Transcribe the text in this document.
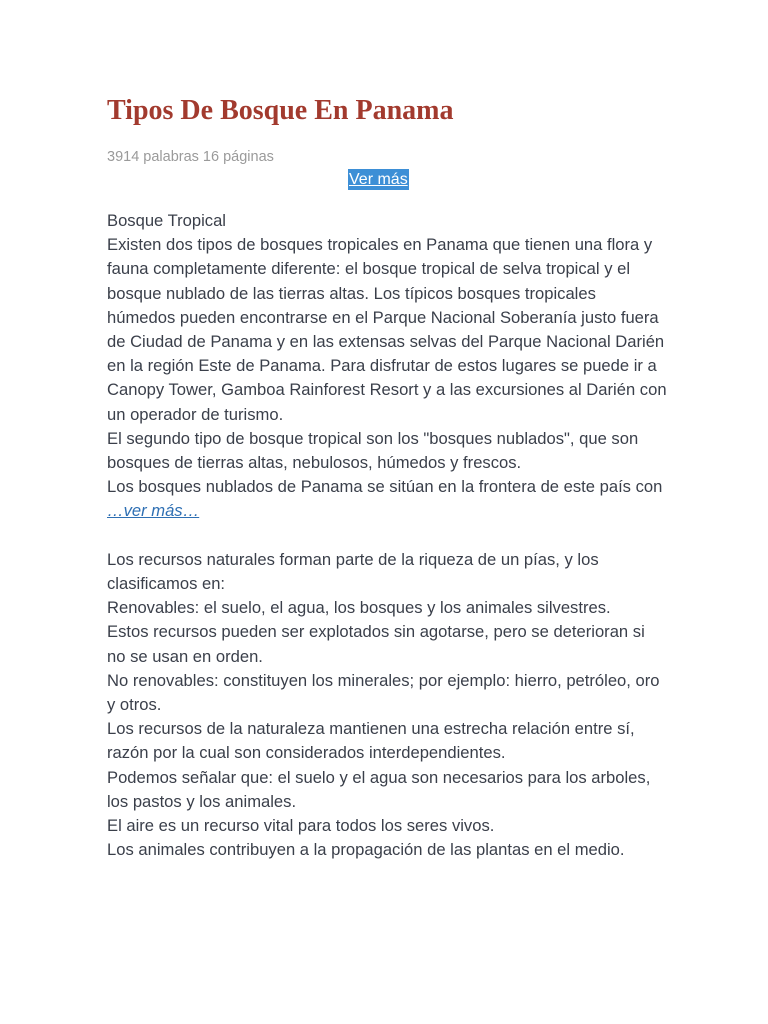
Tipos De Bosque En Panama
3914 palabras 16 páginas
Ver más

Bosque Tropical

Existen dos tipos de bosques tropicales en Panama que tienen una flora y fauna completamente diferente: el bosque tropical de selva tropical y el bosque nublado de las tierras altas. Los típicos bosques tropicales húmedos pueden encontrarse en el Parque Nacional Soberanía justo fuera de Ciudad de Panama y en las extensas selvas del Parque Nacional Darién en la región Este de Panama. Para disfrutar de estos lugares se puede ir a Canopy Tower, Gamboa Rainforest Resort y a las excursiones al Darién con un operador de turismo.

El segundo tipo de bosque tropical son los "bosques nublados", que son bosques de tierras altas, nebulosos, húmedos y frescos.

Los bosques nublados de Panama se sitúan en la frontera de este país con …ver más…

Los recursos naturales forman parte de la riqueza de un pías, y los clasificamos en:

Renovables: el suelo, el agua, los bosques y los animales silvestres.

Estos recursos pueden ser explotados sin agotarse, pero se deterioran si no se usan en orden.

No renovables: constituyen los minerales; por ejemplo: hierro, petróleo, oro y otros.

Los recursos de la naturaleza mantienen una estrecha relación entre sí, razón por la cual son considerados interdependientes.

Podemos señalar que: el suelo y el agua son necesarios para los arboles, los pastos y los animales.

El aire es un recurso vital para todos los seres vivos.

Los animales contribuyen a la propagación de las plantas en el medio.
